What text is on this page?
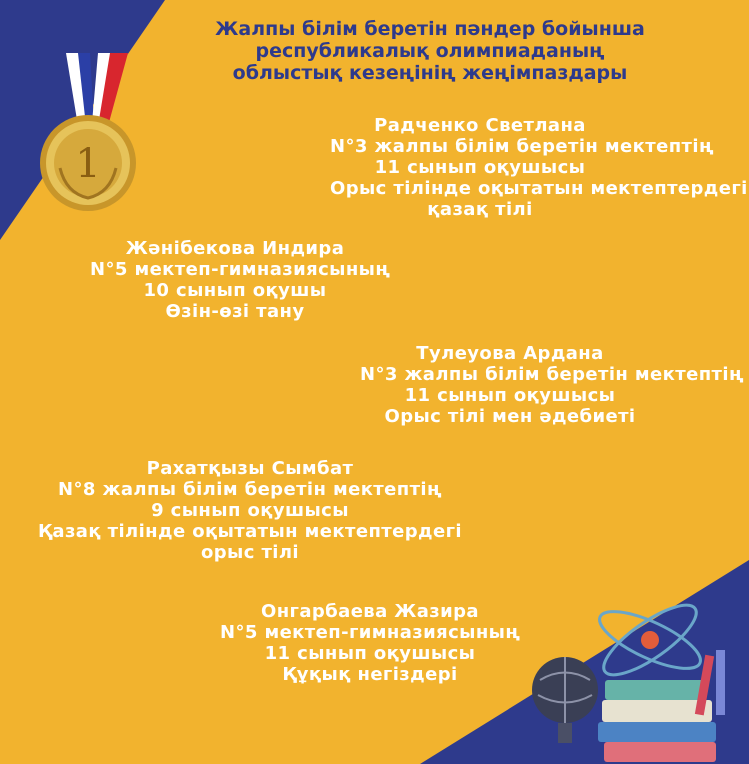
Жалпы білім беретін пәндер бойынша
республикалық олимпиаданың
облыстық кезеңінің жеңімпаздары
1
Радченко Светлана
N°3 жалпы білім беретін мектептің
11 сынып оқушысы
Орыс тілінде оқытатын мектептердегі
қазақ тілі
Жәнібекова Индира
N°5 мектеп-гимназиясының
10 сынып оқушы
Өзін-өзі тану
Тулеуова Ардана
N°3 жалпы білім беретін мектептің
11 сынып оқушысы
Орыс тілі мен әдебиеті
Рахатқызы Сымбат
N°8 жалпы білім беретін мектептің
9 сынып оқушысы
Қазақ тілінде оқытатын мектептердегі
орыс тілі
Онгарбаева Жазира
N°5 мектеп-гимназиясының
11 сынып оқушысы
Құқық негіздері
